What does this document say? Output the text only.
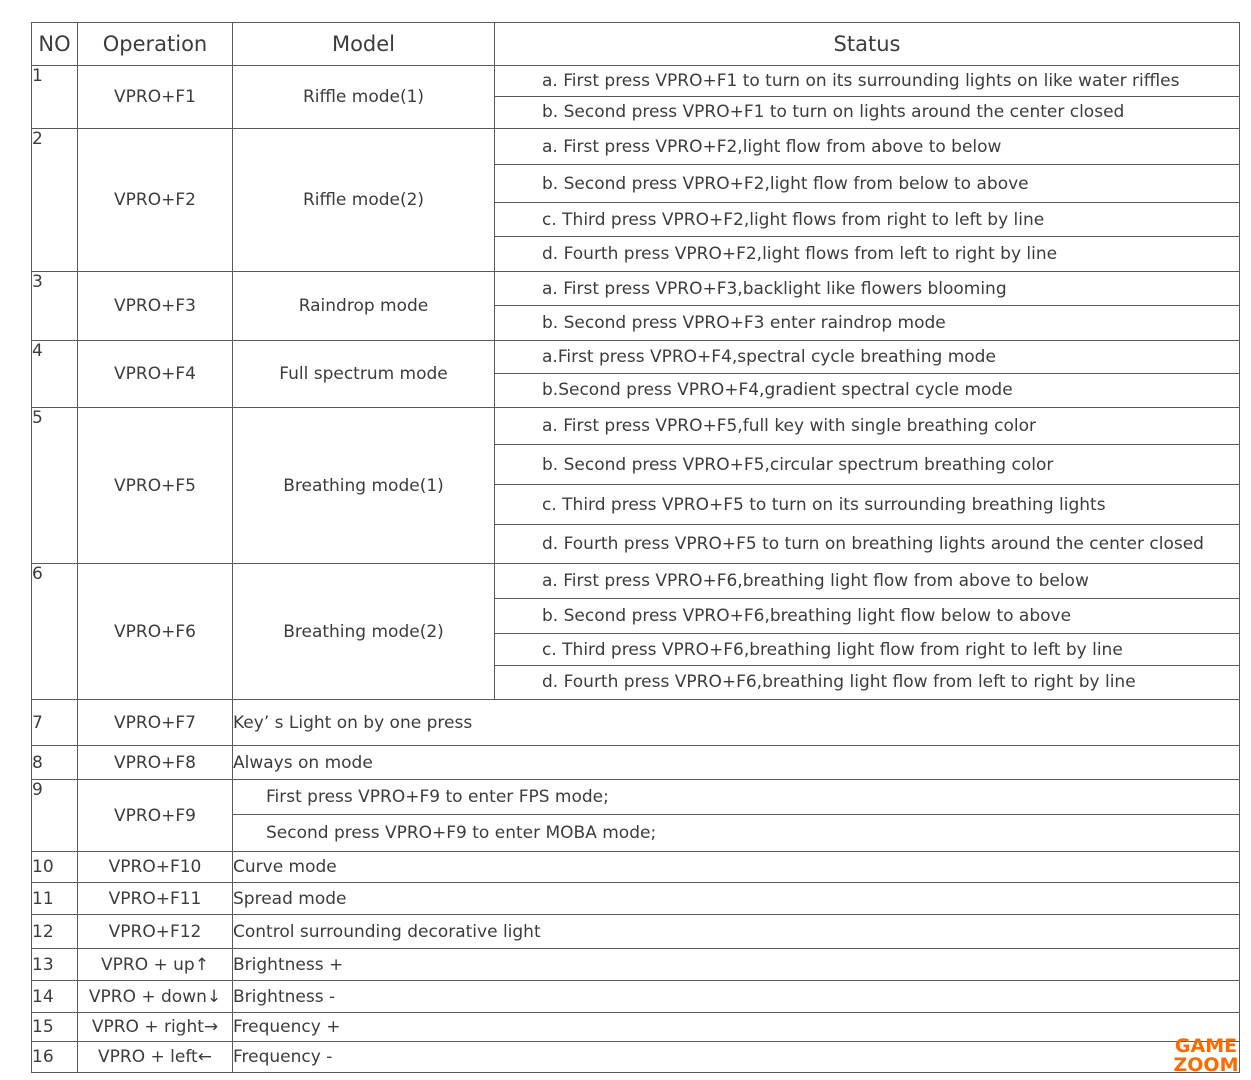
NO	Operation	Model	Status
1	VPRO+F1	Riffle mode(1)	a. First press VPRO+F1 to turn on its surrounding lights on like water riffles
b. Second press VPRO+F1 to turn on lights around the center closed

2	VPRO+F2	Riffle mode(2)	a. First press VPRO+F2,light flow from above to below
b. Second press VPRO+F2,light flow from below to above
c. Third press VPRO+F2,light flows from right to left by line
d. Fourth press VPRO+F2,light flows from left to right by line

3	VPRO+F3	Raindrop mode	a. First press VPRO+F3,backlight like flowers blooming
b. Second press VPRO+F3 enter raindrop mode

4	VPRO+F4	Full spectrum mode	a.First press VPRO+F4,spectral cycle breathing mode
b.Second press VPRO+F4,gradient spectral cycle mode

5	VPRO+F5	Breathing mode(1)	a. First press VPRO+F5,full key with single breathing color
b. Second press VPRO+F5,circular spectrum breathing color
c. Third press VPRO+F5 to turn on its surrounding breathing lights
d. Fourth press VPRO+F5 to turn on breathing lights around the center closed

6	VPRO+F6	Breathing mode(2)	a. First press VPRO+F6,breathing light flow from above to below
b. Second press VPRO+F6,breathing light flow below to above
c. Third press VPRO+F6,breathing light flow from right to left by line
d. Fourth press VPRO+F6,breathing light flow from left to right by line

7	VPRO+F7	Key’ s Light on by one press	
8	VPRO+F8	Always on mode	
9	VPRO+F9	First press VPRO+F9 to enter FPS mode;
Second press VPRO+F9 to enter MOBA mode;	

10	VPRO+F10	Curve mode	
11	VPRO+F11	Spread mode	
12	VPRO+F12	Control surrounding decorative light	
13	VPRO + up↑	Brightness +	
14	VPRO + down↓	Brightness -	
15	VPRO + right→	Frequency +	
16	VPRO + left←	Frequency -		GAME
ZOOM
